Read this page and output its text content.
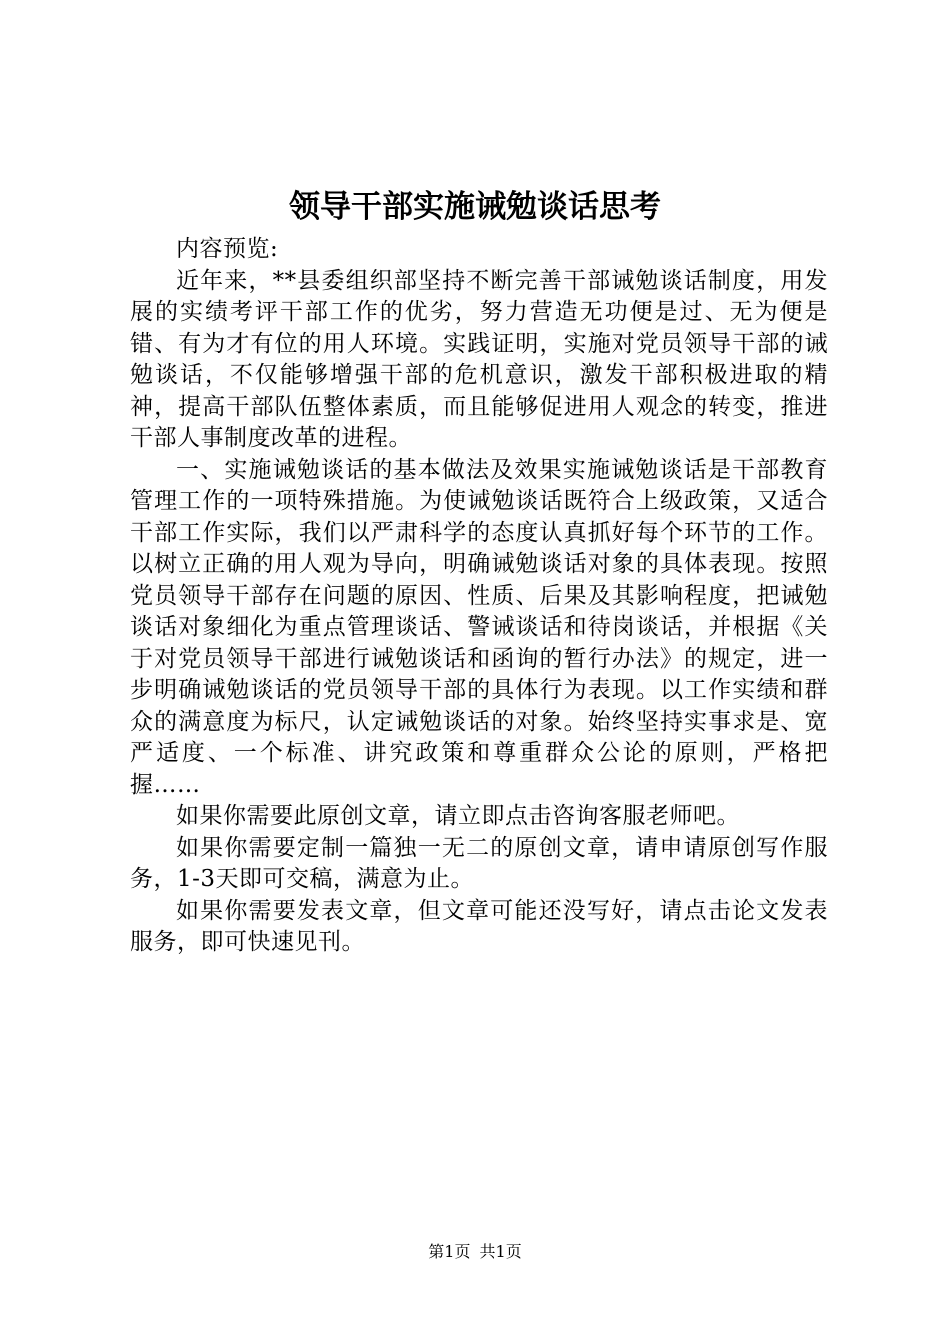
领导干部实施诫勉谈话思考

内容预览:

近年来，**县委组织部坚持不断完善干部诫勉谈话制度，用发展的实绩考评干部工作的优劣，努力营造无功便是过、无为便是错、有为才有位的用人环境。实践证明，实施对党员领导干部的诫勉谈话，不仅能够增强干部的危机意识，激发干部积极进取的精神，提高干部队伍整体素质，而且能够促进用人观念的转变，推进干部人事制度改革的进程。

一、实施诫勉谈话的基本做法及效果实施诫勉谈话是干部教育管理工作的一项特殊措施。为使诫勉谈话既符合上级政策，又适合干部工作实际，我们以严肃科学的态度认真抓好每个环节的工作。以树立正确的用人观为导向，明确诫勉谈话对象的具体表现。按照党员领导干部存在问题的原因、性质、后果及其影响程度，把诫勉谈话对象细化为重点管理谈话、警诫谈话和待岗谈话，并根据《关于对党员领导干部进行诫勉谈话和函询的暂行办法》的规定，进一步明确诫勉谈话的党员领导干部的具体行为表现。以工作实绩和群众的满意度为标尺，认定诫勉谈话的对象。始终坚持实事求是、宽严适度、一个标准、讲究政策和尊重群众公论的原则，严格把握……

如果你需要此原创文章，请立即点击咨询客服老师吧。

如果你需要定制一篇独一无二的原创文章，请申请原创写作服务，1-3天即可交稿，满意为止。

如果你需要发表文章，但文章可能还没写好，请点击论文发表服务，即可快速见刊。

第1页 共1页
